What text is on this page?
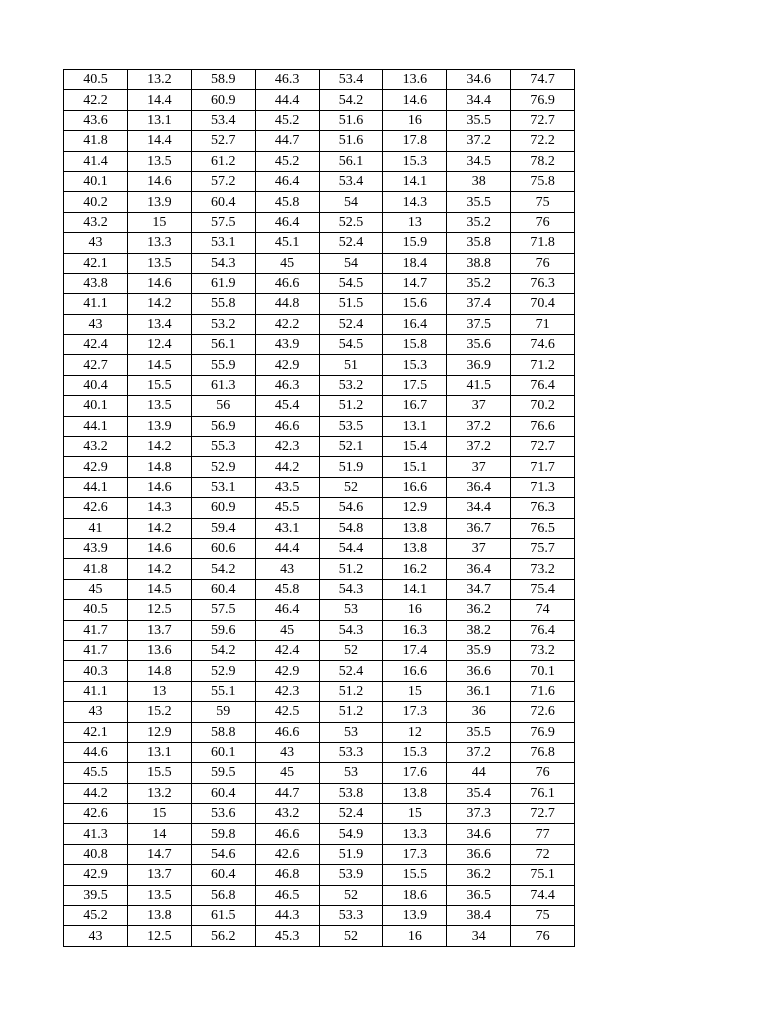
40.5	13.2	58.9	46.3	53.4	13.6	34.6	74.7
42.2	14.4	60.9	44.4	54.2	14.6	34.4	76.9
43.6	13.1	53.4	45.2	51.6	16	35.5	72.7
41.8	14.4	52.7	44.7	51.6	17.8	37.2	72.2
41.4	13.5	61.2	45.2	56.1	15.3	34.5	78.2
40.1	14.6	57.2	46.4	53.4	14.1	38	75.8
40.2	13.9	60.4	45.8	54	14.3	35.5	75
43.2	15	57.5	46.4	52.5	13	35.2	76
43	13.3	53.1	45.1	52.4	15.9	35.8	71.8
42.1	13.5	54.3	45	54	18.4	38.8	76
43.8	14.6	61.9	46.6	54.5	14.7	35.2	76.3
41.1	14.2	55.8	44.8	51.5	15.6	37.4	70.4
43	13.4	53.2	42.2	52.4	16.4	37.5	71
42.4	12.4	56.1	43.9	54.5	15.8	35.6	74.6
42.7	14.5	55.9	42.9	51	15.3	36.9	71.2
40.4	15.5	61.3	46.3	53.2	17.5	41.5	76.4
40.1	13.5	56	45.4	51.2	16.7	37	70.2
44.1	13.9	56.9	46.6	53.5	13.1	37.2	76.6
43.2	14.2	55.3	42.3	52.1	15.4	37.2	72.7
42.9	14.8	52.9	44.2	51.9	15.1	37	71.7
44.1	14.6	53.1	43.5	52	16.6	36.4	71.3
42.6	14.3	60.9	45.5	54.6	12.9	34.4	76.3
41	14.2	59.4	43.1	54.8	13.8	36.7	76.5
43.9	14.6	60.6	44.4	54.4	13.8	37	75.7
41.8	14.2	54.2	43	51.2	16.2	36.4	73.2
45	14.5	60.4	45.8	54.3	14.1	34.7	75.4
40.5	12.5	57.5	46.4	53	16	36.2	74
41.7	13.7	59.6	45	54.3	16.3	38.2	76.4
41.7	13.6	54.2	42.4	52	17.4	35.9	73.2
40.3	14.8	52.9	42.9	52.4	16.6	36.6	70.1
41.1	13	55.1	42.3	51.2	15	36.1	71.6
43	15.2	59	42.5	51.2	17.3	36	72.6
42.1	12.9	58.8	46.6	53	12	35.5	76.9
44.6	13.1	60.1	43	53.3	15.3	37.2	76.8
45.5	15.5	59.5	45	53	17.6	44	76
44.2	13.2	60.4	44.7	53.8	13.8	35.4	76.1
42.6	15	53.6	43.2	52.4	15	37.3	72.7
41.3	14	59.8	46.6	54.9	13.3	34.6	77
40.8	14.7	54.6	42.6	51.9	17.3	36.6	72
42.9	13.7	60.4	46.8	53.9	15.5	36.2	75.1
39.5	13.5	56.8	46.5	52	18.6	36.5	74.4
45.2	13.8	61.5	44.3	53.3	13.9	38.4	75
43	12.5	56.2	45.3	52	16	34	76
